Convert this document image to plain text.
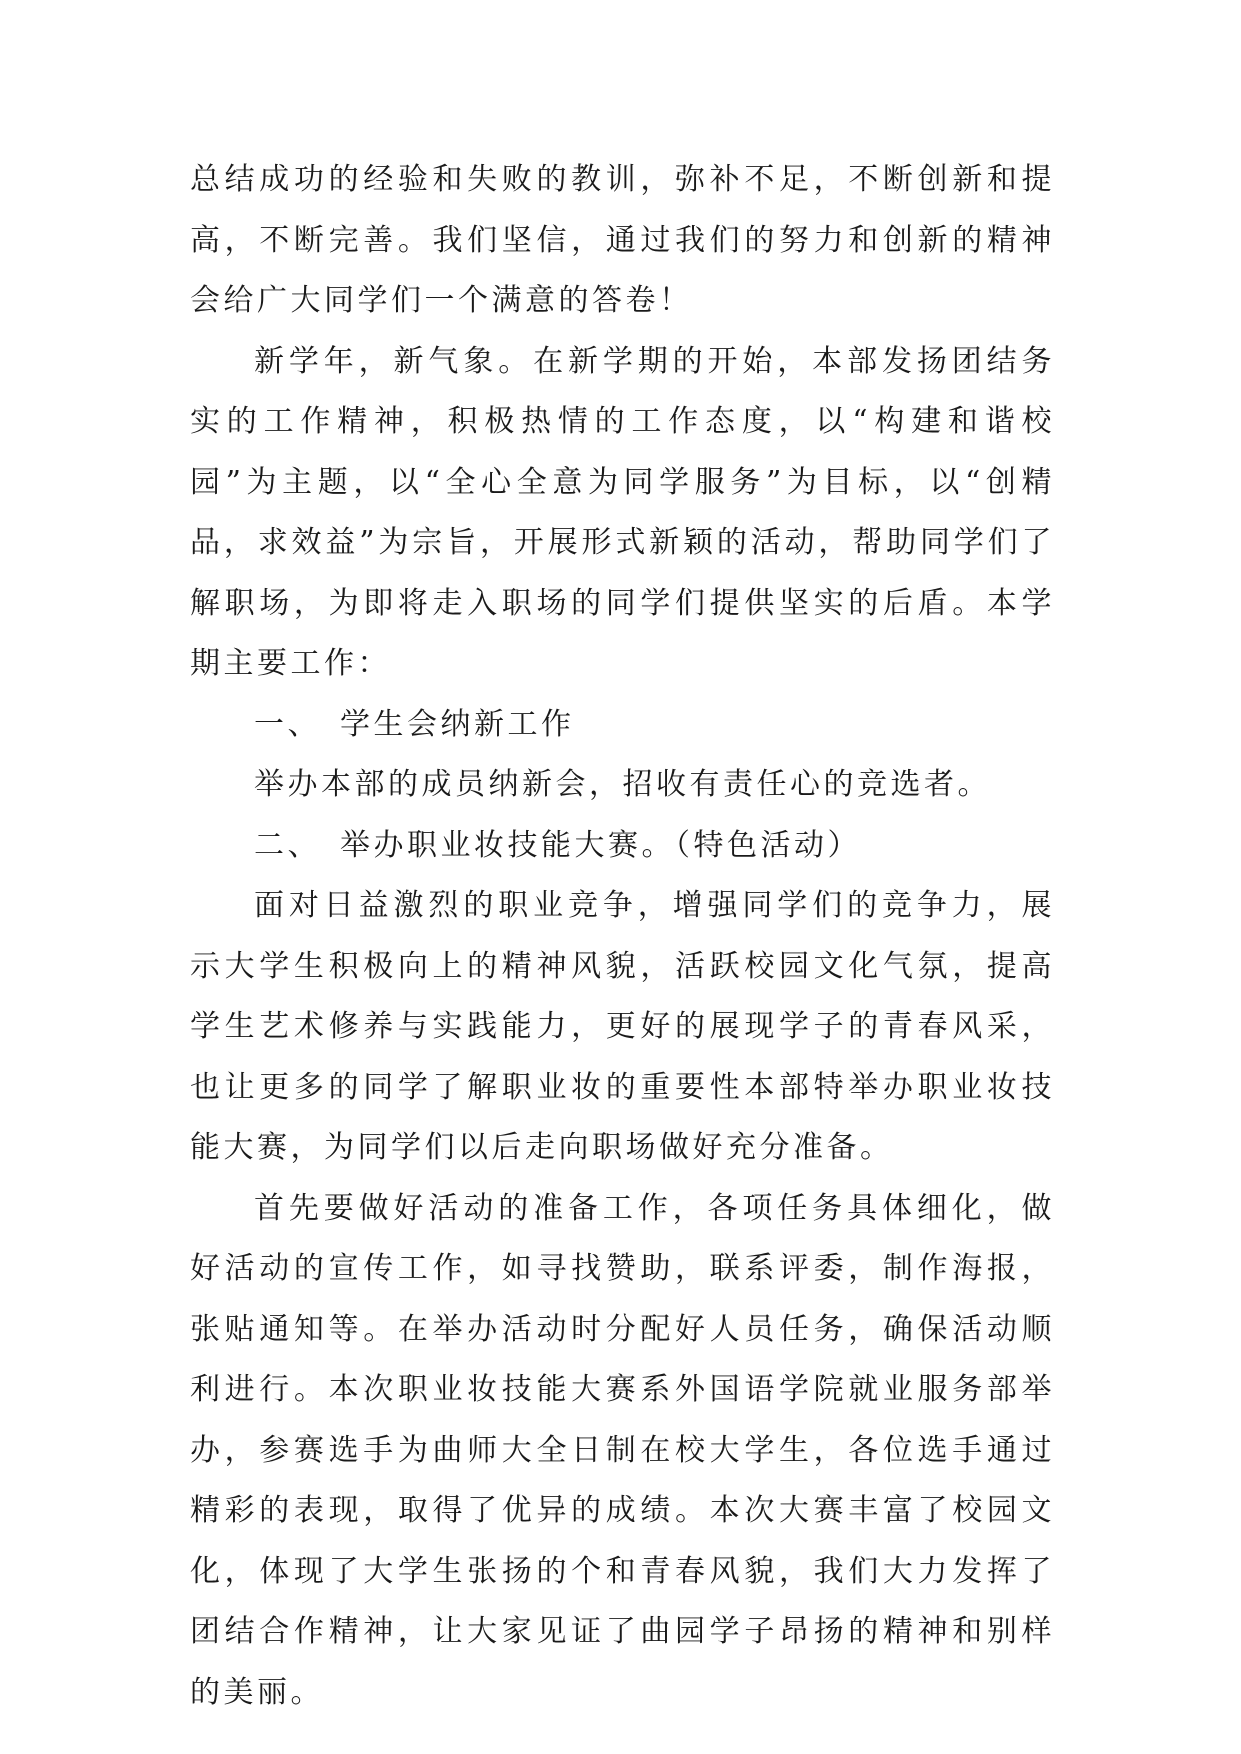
总结成功的经验和失败的教训，弥补不足，不断创新和提高，不断完善。我们坚信，通过我们的努力和创新的精神会给广大同学们一个满意的答卷！

新学年，新气象。在新学期的开始，本部发扬团结务实的工作精神，积极热情的工作态度，以“构建和谐校园”为主题，以“全心全意为同学服务”为目标，以“创精品，求效益”为宗旨，开展形式新颖的活动，帮助同学们了解职场，为即将走入职场的同学们提供坚实的后盾。本学期主要工作：

一、 学生会纳新工作

举办本部的成员纳新会，招收有责任心的竞选者。

二、 举办职业妆技能大赛。（特色活动）

面对日益激烈的职业竞争，增强同学们的竞争力，展示大学生积极向上的精神风貌，活跃校园文化气氛，提高学生艺术修养与实践能力，更好的展现学子的青春风采，也让更多的同学了解职业妆的重要性本部特举办职业妆技能大赛，为同学们以后走向职场做好充分准备。

首先要做好活动的准备工作，各项任务具体细化，做好活动的宣传工作，如寻找赞助，联系评委，制作海报，张贴通知等。在举办活动时分配好人员任务，确保活动顺利进行。本次职业妆技能大赛系外国语学院就业服务部举办，参赛选手为曲师大全日制在校大学生，各位选手通过精彩的表现，取得了优异的成绩。本次大赛丰富了校园文化，体现了大学生张扬的个和青春风貌，我们大力发挥了团结合作精神，让大家见证了曲园学子昂扬的精神和别样的美丽。
